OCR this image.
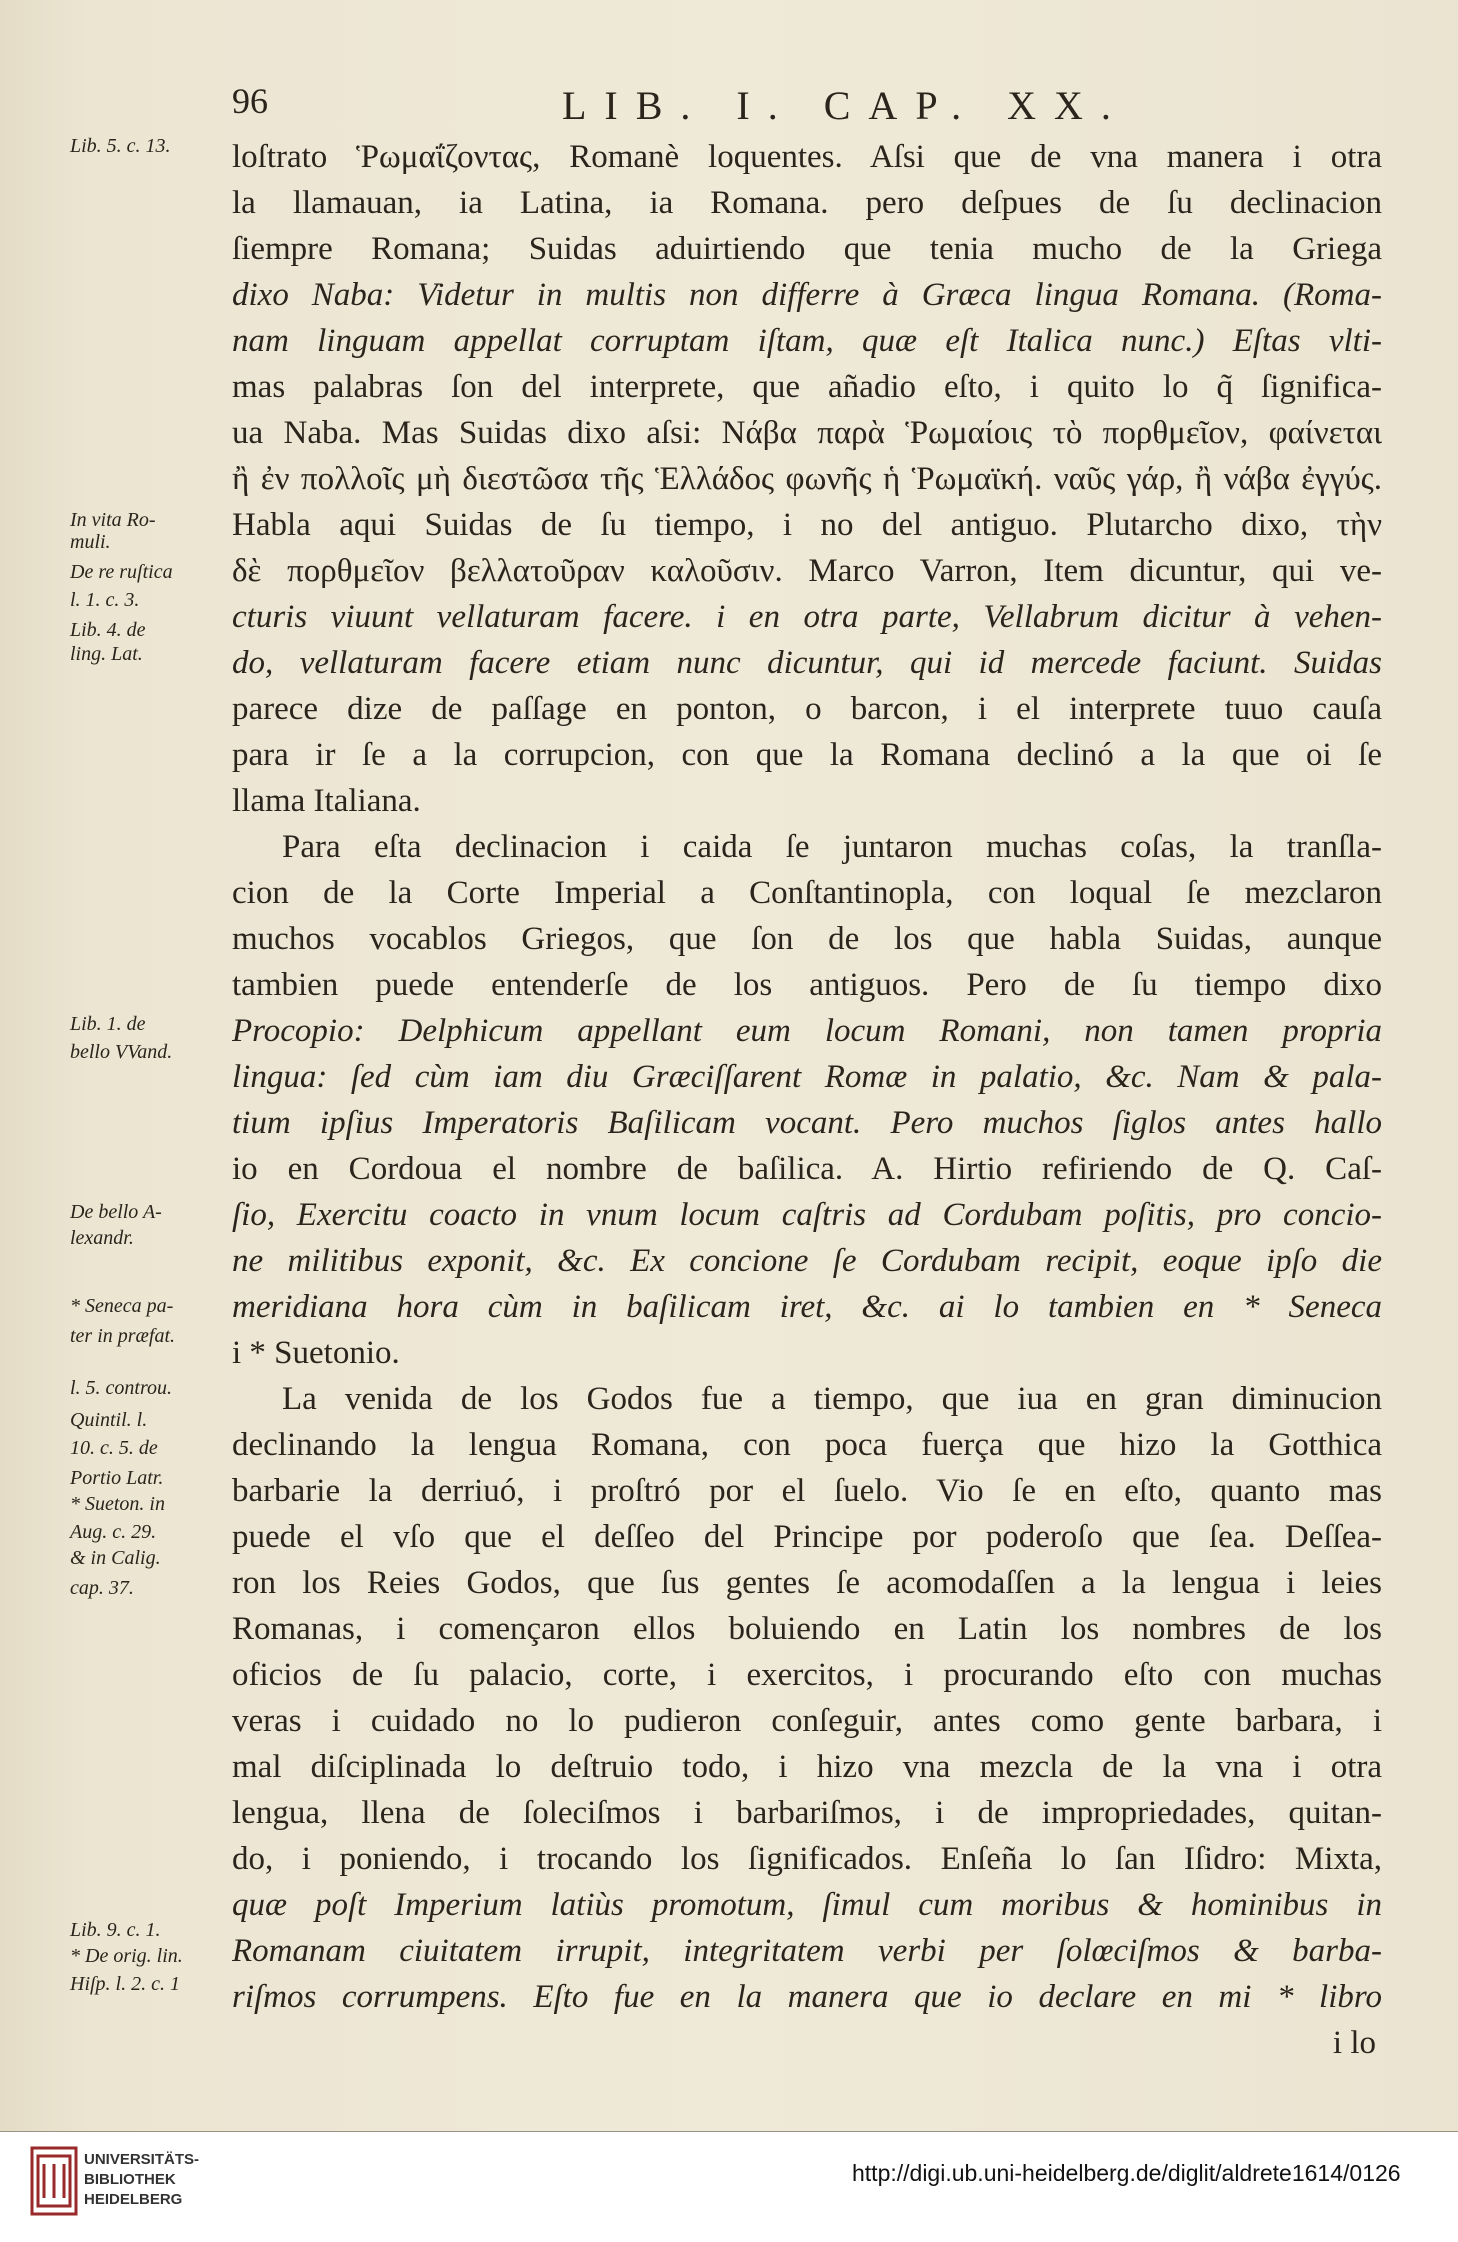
96	LIB. I. CAP. XX.
Lib. 5. c. 13.
In vita Ro-
muli.
De re ruſtica
l. 1. c. 3.
Lib. 4. de
ling. Lat.
Lib. 1. de
bello VVand.
De bello A-
lexandr.
* Seneca pa-
ter in præfat.
l. 5. controu.
Quintil. l.
10. c. 5. de
Portio Latr.
* Sueton. in
Aug. c. 29.
& in Calig.
cap. 37.
Lib. 9. c. 1.
* De orig. lin.
Hiſp. l. 2. c. 1
loſtrato Ῥωμαΐζοντας, Romanè loquentes. Aſsi que de vna manera i otra
la llamauan, ia Latina, ia Romana. pero deſpues de ſu declinacion
ſiempre Romana; Suidas aduirtiendo que tenia mucho de la Griega
dixo Naba: Videtur in multis non differre à Græca lingua Romana. (Roma-
nam linguam appellat corruptam iſtam, quæ eſt Italica nunc.) Eſtas vlti-
mas palabras ſon del interprete, que añadio eſto, i quito lo q̃ ſignifica-
ua Naba. Mas Suidas dixo aſsi: Νάβα παρὰ Ῥωμαίοις τὸ πορθμεῖον, φαίνεται
ἢ ἐν πολλοῖς μὴ διεστῶσα τῆς Ἑλλάδος φωνῆς ἡ Ῥωμαϊκή. ναῦς γάρ, ἢ νάβα ἐγγύς.
Habla aqui Suidas de ſu tiempo, i no del antiguo. Plutarcho dixo, τὴν
δὲ πορθμεῖον βελλατοῦραν καλοῦσιν. Marco Varron, Item dicuntur, qui ve-
cturis viuunt vellaturam facere. i en otra parte, Vellabrum dicitur à vehen-
do, vellaturam facere etiam nunc dicuntur, qui id mercede faciunt. Suidas
parece dize de paſſage en ponton, o barcon, i el interprete tuuo cauſa
para ir ſe a la corrupcion, con que la Romana declinó a la que oi ſe
llama Italiana.
Para eſta declinacion i caida ſe juntaron muchas coſas, la tranſla-
cion de la Corte Imperial a Conſtantinopla, con loqual ſe mezclaron
muchos vocablos Griegos, que ſon de los que habla Suidas, aunque
tambien puede entenderſe de los antiguos. Pero de ſu tiempo dixo
Procopio: Delphicum appellant eum locum Romani, non tamen propria
lingua: ſed cùm iam diu Græciſſarent Romæ in palatio, &c. Nam & pala-
tium ipſius Imperatoris Baſilicam vocant. Pero muchos ſiglos antes hallo
io en Cordoua el nombre de baſilica. A. Hirtio refiriendo de Q. Caſ-
ſio, Exercitu coacto in vnum locum caſtris ad Cordubam poſitis, pro concio-
ne militibus exponit, &c. Ex concione ſe Cordubam recipit, eoque ipſo die
meridiana hora cùm in baſilicam iret, &c. ai lo tambien en * Seneca
i * Suetonio.
La venida de los Godos fue a tiempo, que iua en gran diminucion
declinando la lengua Romana, con poca fuerça que hizo la Gotthica
barbarie la derriuó, i proſtró por el ſuelo. Vio ſe en eſto, quanto mas
puede el vſo que el deſſeo del Principe por poderoſo que ſea. Deſſea-
ron los Reies Godos, que ſus gentes ſe acomodaſſen a la lengua i leies
Romanas, i començaron ellos boluiendo en Latin los nombres de los
oficios de ſu palacio, corte, i exercitos, i procurando eſto con muchas
veras i cuidado no lo pudieron conſeguir, antes como gente barbara, i
mal diſciplinada lo deſtruio todo, i hizo vna mezcla de la vna i otra
lengua, llena de ſoleciſmos i barbariſmos, i de impropriedades, quitan-
do, i poniendo, i trocando los ſignificados. Enſeña lo ſan Iſidro: Mixta,
quæ poſt Imperium latiùs promotum, ſimul cum moribus & hominibus in
Romanam ciuitatem irrupit, integritatem verbi per ſolœciſmos & barba-
riſmos corrumpens. Eſto fue en la manera que io declare en mi * libro
i lo
UNIVERSITÄTS-
BIBLIOTHEK
HEIDELBERG
http://digi.ub.uni-heidelberg.de/diglit/aldrete1614/0126
